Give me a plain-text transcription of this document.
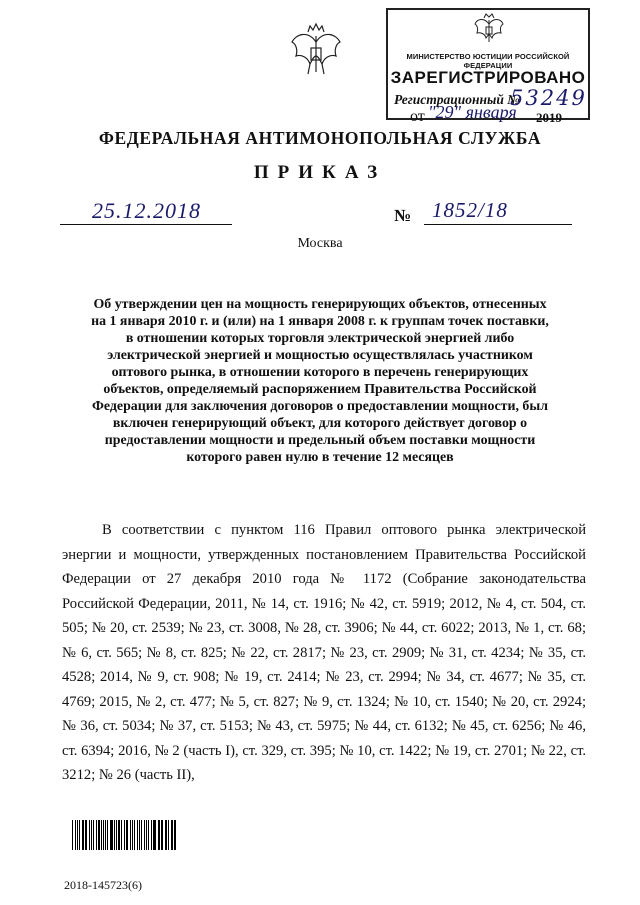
МИНИСТЕРСТВО ЮСТИЦИИ РОССИЙСКОЙ ФЕДЕРАЦИИ
ЗАРЕГИСТРИРОВАНО
Регистрационный №
53249
от "29" января 2019
ФЕДЕРАЛЬНАЯ АНТИМОНОПОЛЬНАЯ СЛУЖБА
ПРИКАЗ
25.12.2018	№ 1852/18
Москва
Об утверждении цен на мощность генерирующих объектов, отнесенных на 1 января 2010 г. и (или) на 1 января 2008 г. к группам точек поставки, в отношении которых торговля электрической энергией либо электрической энергией и мощностью осуществлялась участником оптового рынка, в отношении которого в перечень генерирующих объектов, определяемый распоряжением Правительства Российской Федерации для заключения договоров о предоставлении мощности, был включен генерирующий объект, для которого действует договор о предоставлении мощности и предельный объем поставки мощности которого равен нулю в течение 12 месяцев

В соответствии с пунктом 116 Правил оптового рынка электрической энергии и мощности, утвержденных постановлением Правительства Российской Федерации от 27 декабря 2010 года № 1172 (Собрание законодательства Российской Федерации, 2011, № 14, ст. 1916; № 42, ст. 5919; 2012, № 4, ст. 504, ст. 505; № 20, ст. 2539; № 23, ст. 3008, № 28, ст. 3906; № 44, ст. 6022; 2013, № 1, ст. 68; № 6, ст. 565; № 8, ст. 825; № 22, ст. 2817; № 23, ст. 2909; № 31, ст. 4234; № 35, ст. 4528; 2014, № 9, ст. 908; № 19, ст. 2414; № 23, ст. 2994; № 34, ст. 4677; № 35, ст. 4769; 2015, № 2, ст. 477; № 5, ст. 827; № 9, ст. 1324; № 10, ст. 1540; № 20, ст. 2924; № 36, ст. 5034; № 37, ст. 5153; № 43, ст. 5975; № 44, ст. 6132; № 45, ст. 6256; № 46, ст. 6394; 2016, № 2 (часть I), ст. 329, ст. 395; № 10, ст. 1422; № 19, ст. 2701; № 22, ст. 3212; № 26 (часть II),

2018-145723(6)
